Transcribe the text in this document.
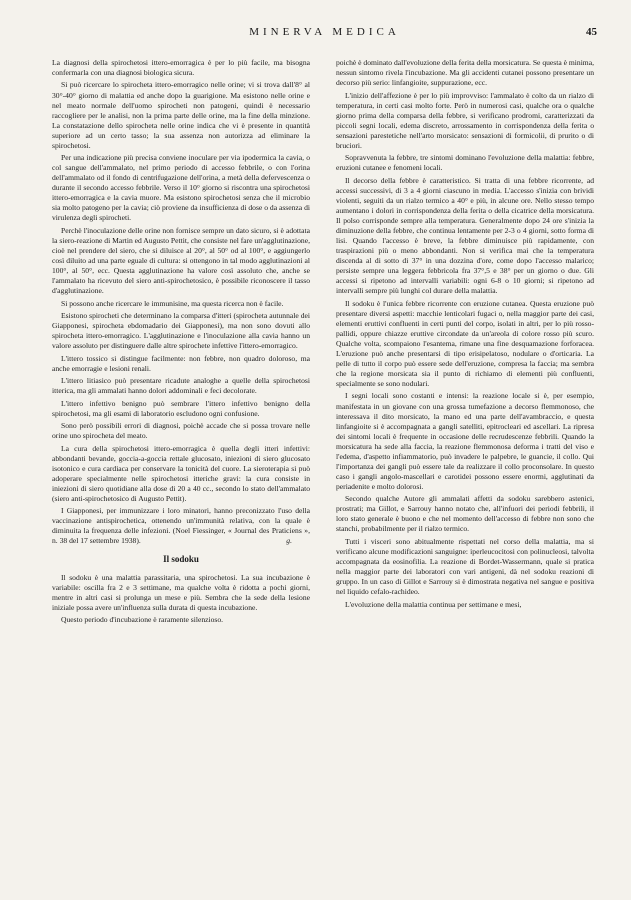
MINERVA MEDICA	45

La diagnosi della spirochetosi ittero-emorragica è per lo più facile, ma bisogna confermarla con una diagnosi biologica sicura.

Si può ricercare lo spirocheta ittero-emorragico nelle orine; vi si trova dall'8° al 30°-40° giorno di malattia ed anche dopo la guarigione. Ma esistono nelle orine e nel meato normale dell'uomo spirocheti non patogeni, quindi è necessario raccogliere per le analisi, non la prima parte delle orine, ma la fine della minzione. La constatazione dello spirocheta nelle orine indica che vi è presente in quantità superiore ad un certo tasso; la sua assenza non autorizza ad eliminare la spirochetosi.

Per una indicazione più precisa conviene inoculare per via ipodermica la cavia, o col sangue dell'ammalato, nel primo periodo di accesso febbrile, o con l'orina dell'ammalato od il fondo di centrifugazione dell'orina, a metà della defervescenza o durante il secondo accesso febbrile. Verso il 10° giorno si riscontra una spirochetosi ittero-emorragica e la cavia muore. Ma esistono spirochetosi senza che il microbio sia molto patogeno per la cavia; ciò proviene da insufficienza di dose o da assenza di virulenza degli spirocheti.

Perchè l'inoculazione delle orine non fornisce sempre un dato sicuro, si è adottata la siero-reazione di Martin ed Augusto Pettit, che consiste nel fare un'agglutinazione, cioè nel prendere del siero, che si diluisce al 20°, al 50° od al 100°, e aggiungerlo così diluito ad una parte eguale di cultura: si ottengono in tal modo agglutinazioni al 100°, al 50°, ecc. Questa agglutinazione ha valore così assoluto che, anche se l'ammalato ha ricevuto del siero anti-spirochetosico, è possibile riconoscere il tasso d'agglutinazione.

Si possono anche ricercare le immunisine, ma questa ricerca non è facile.

Esistono spirocheti che determinano la comparsa d'itteri (spirocheta autunnale dei Giapponesi, spirocheta ebdomadario dei Giapponesi), ma non sono dovuti allo spirocheta ittero-emorragico. L'agglutinazione e l'inoculazione alla cavia hanno un valore assoluto per distinguere dalle altre spirochete infettive l'ittero-emorragico.

L'ittero tossico si distingue facilmente: non febbre, non quadro doloroso, ma anche emorragie e lesioni renali.

L'ittero litiasico può presentare ricadute analoghe a quelle della spirochetosi itterica, ma gli ammalati hanno dolori addominali e feci decolorate.

L'ittero infettivo benigno può sembrare l'ittero infettivo benigno della spirochetosi, ma gli esami di laboratorio escludono ogni confusione.

Sono però possibili errori di diagnosi, poichè accade che si possa trovare nelle orine uno spirocheta del meato.

La cura della spirochetosi ittero-emorragica è quella degli itteri infettivi: abbondanti bevande, goccia-a-goccia rettale glucosato, iniezioni di siero glucosato isotonico e cura cardiaca per conservare la tonicità del cuore. La sieroterapia si può adoperare specialmente nelle spirochetosi itteriche gravi: la cura consiste in iniezioni di siero quotidiane alla dose di 20 a 40 cc., secondo lo stato dell'ammalato (siero anti-spirochetosico di Augusto Pettit).

I Giapponesi, per immunizzare i loro minatori, hanno preconizzato l'uso della vaccinazione antispirochetica, ottenendo un'immunità relativa, con la quale è diminuita la frequenza delle infezioni. (Noel Fiessinger, « Journal des Praticiens », n. 38 del 17 settembre 1938).	g.

Il sodoku

Il sodoku è una malattia parassitaria, una spirochetosi. La sua incubazione è variabile: oscilla fra 2 e 3 settimane, ma qualche volta è ridotta a pochi giorni, mentre in altri casi si prolunga un mese e più. Sembra che la sede della lesione iniziale possa avere un'influenza sulla durata di questa incubazione.

Questo periodo d'incubazione è raramente silenzioso.

poichè è dominato dall'evoluzione della ferita della morsicatura. Se questa è minima, nessun sintomo rivela l'incubazione. Ma gli accidenti cutanei possono presentare un decorso più serio: linfangioite, suppurazione, ecc.

L'inizio dell'affezione è per lo più improvviso: l'ammalato è colto da un rialzo di temperatura, in certi casi molto forte. Però in numerosi casi, qualche ora o qualche giorno prima della comparsa della febbre, si verificano prodromi, caratterizzati da piccoli segni locali, edema discreto, arrossamento in corrispondenza della ferita o sensazioni parestetiche nell'arto morsicato: sensazioni di formicolii, di prurito o di bruciori.

Sopravvenuta la febbre, tre sintomi dominano l'evoluzione della malattia: febbre, eruzioni cutanee e fenomeni locali.

Il decorso della febbre è caratteristico. Si tratta di una febbre ricorrente, ad accessi successivi, di 3 a 4 giorni ciascuno in media. L'accesso s'inizia con brividi violenti, seguiti da un rialzo termico a 40° e più, in alcune ore. Nello stesso tempo aumentano i dolori in corrispondenza della ferita o della cicatrice della morsicatura. Il polso corrisponde sempre alla temperatura. Generalmente dopo 24 ore s'inizia la diminuzione della febbre, che continua lentamente per 2-3 o 4 giorni, sotto forma di lisi. Quando l'accesso è breve, la febbre diminuisce più rapidamente, con traspirazioni più o meno abbondanti. Non si verifica mai che la temperatura discenda al di sotto di 37° in una dozzina d'ore, come dopo l'accesso malarico; persiste sempre una leggera febbricola fra 37°,5 e 38° per un giorno o due. Gli accessi si ripetono ad intervalli variabili: ogni 6-8 o 10 giorni; si ripetono ad intervalli sempre più lunghi col durare della malattia.

Il sodoku è l'unica febbre ricorrente con eruzione cutanea. Questa eruzione può presentare diversi aspetti: macchie lenticolari fugaci o, nella maggior parte dei casi, elementi eruttivi confluenti in certi punti del corpo, isolati in altri, per lo più rosso-pallidi, oppure chiazze eruttive circondate da un'areola di colore rosso più scuro. Qualche volta, scompaiono l'esantema, rimane una fine desquamazione forforacea. L'eruzione può anche presentarsi di tipo erisipelatoso, nodulare o d'orticaria. La pelle di tutto il corpo può essere sede dell'eruzione, compresa la faccia; ma sembra che la regione morsicata sia il punto di richiamo di elementi più confluenti, specialmente se sono nodulari.

I segni locali sono costanti e intensi: la reazione locale si è, per esempio, manifestata in un giovane con una grossa tumefazione a decorso flemmonoso, che interessava il dito morsicato, la mano ed una parte dell'avambraccio, e questa linfangioite si è accompagnata a gangli satelliti, epitrocleari ed ascellari. La ripresa dei sintomi locali è frequente in occasione delle recrudescenze febbrili. Quando la morsicatura ha sede alla faccia, la reazione flemmonosa deforma i tratti del viso e l'edema, d'aspetto infiammatorio, può invadere le palpebre, le guancie, il collo. Qui l'importanza dei gangli può essere tale da realizzare il collo proconsolare. In questo caso i gangli angolo-mascellari e carotidei possono essere enormi, agglutinati da periadenite e molto dolorosi.

Secondo qualche Autore gli ammalati affetti da sodoku sarebbero astenici, prostrati; ma Gillot, e Sarrouy hanno notato che, all'infuori dei periodi febbrili, il loro stato generale è buono e che nel momento dell'accesso di febbre non sono che stanchi, probabilmente per il rialzo termico.

Tutti i visceri sono abitualmente rispettati nel corso della malattia, ma si verificano alcune modificazioni sanguigne: iperleucocitosi con polinucleosi, talvolta accompagnata da eosinofilia. La reazione di Bordet-Wassermann, quale si pratica nella maggior parte dei laboratori con vari antigeni, dà nel sodoku reazioni di gruppo. In un caso di Gillot e Sarrouy si è dimostrata negativa nel sangue e positiva nel liquido cefalo-rachideo.

L'evoluzione della malattia continua per settimane e mesi,
